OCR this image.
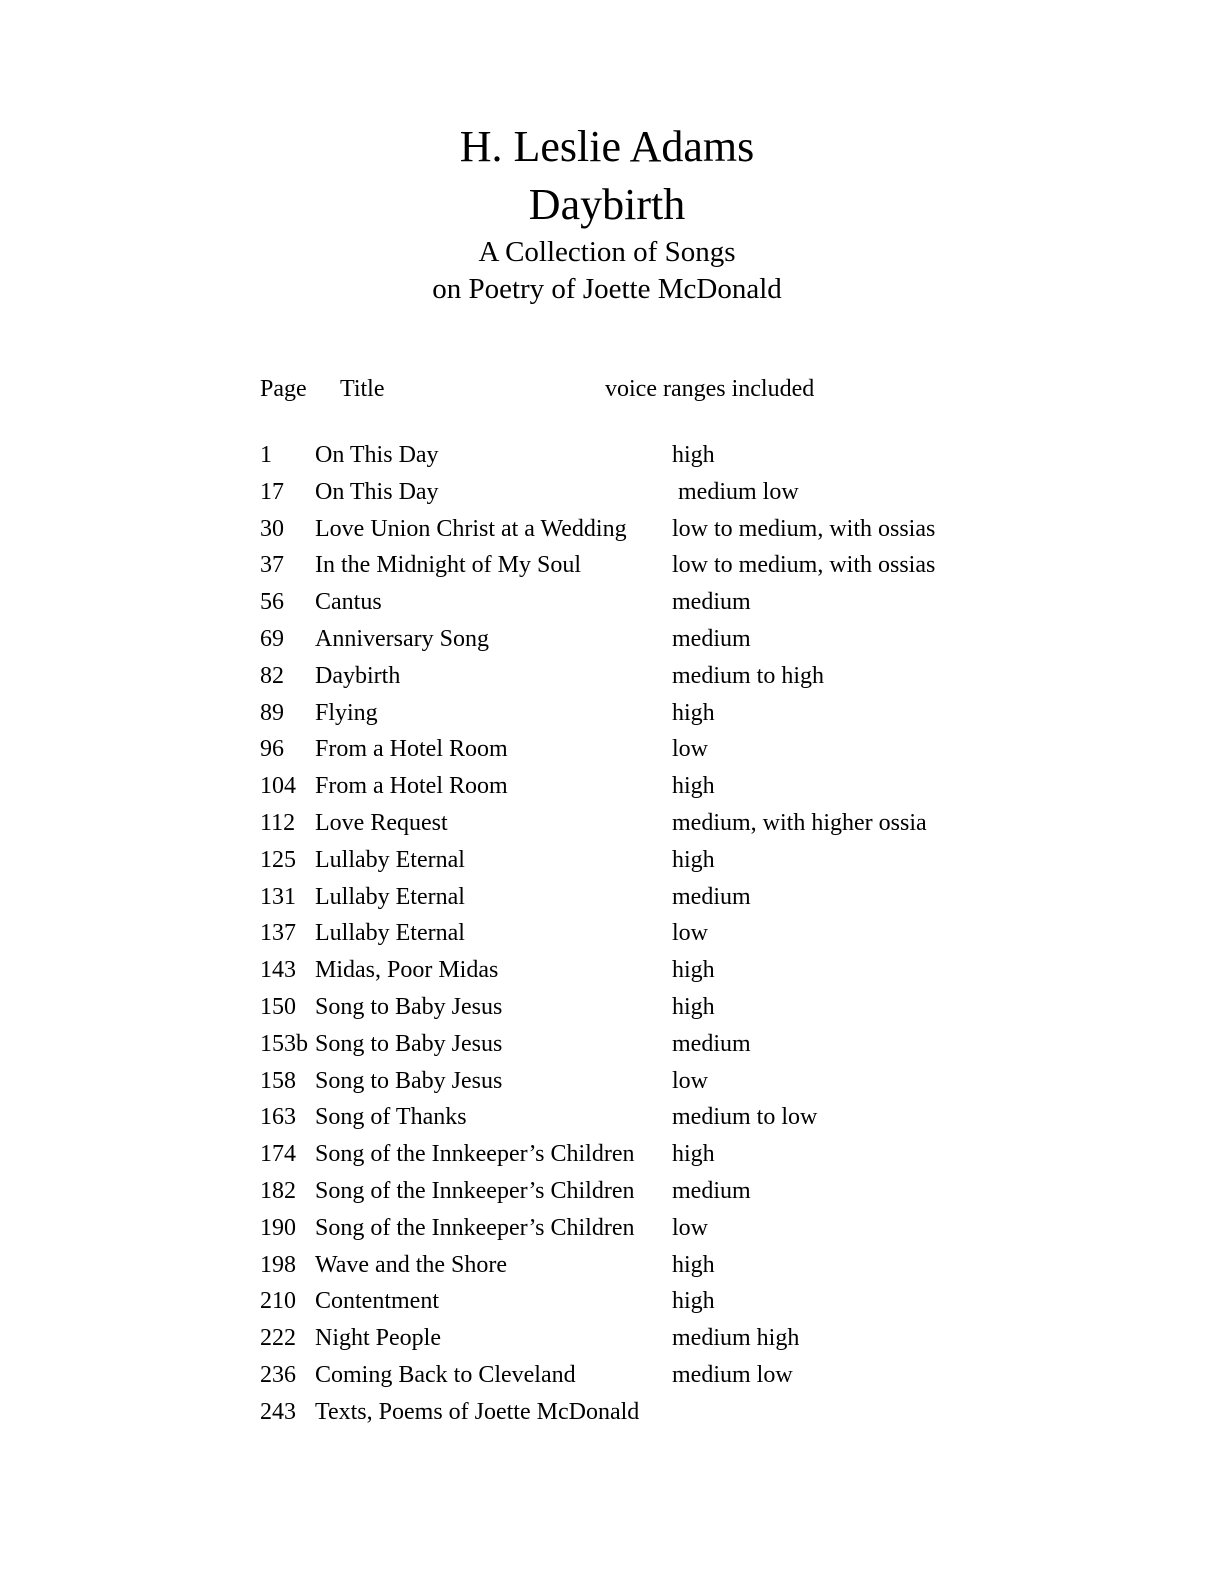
H. Leslie Adams
Daybirth
A Collection of Songs
on Poetry of Joette McDonald
Page Title	voice ranges included
1	On This Day	high
17	On This Day	medium low
30	Love Union Christ at a Wedding	low to medium, with ossias
37	In the Midnight of My Soul	low to medium, with ossias
56	Cantus	medium
69	Anniversary Song	medium
82	Daybirth	medium to high
89	Flying	high
96	From a Hotel Room	low
104 From a Hotel Room	high
112 Love Request	medium, with higher ossia
125 Lullaby Eternal	high
131 Lullaby Eternal	medium
137 Lullaby Eternal	low
143 Midas, Poor Midas	high
150 Song to Baby Jesus	high
153b Song to Baby Jesus	medium
158 Song to Baby Jesus	low
163 Song of Thanks	medium to low
174 Song of the Innkeeper’s Children	high
182 Song of the Innkeeper’s Children	medium
190 Song of the Innkeeper’s Children	low
198 Wave and the Shore	high
210 Contentment	high
222 Night People	medium high
236 Coming Back to Cleveland	medium low
243 Texts, Poems of Joette McDonald
